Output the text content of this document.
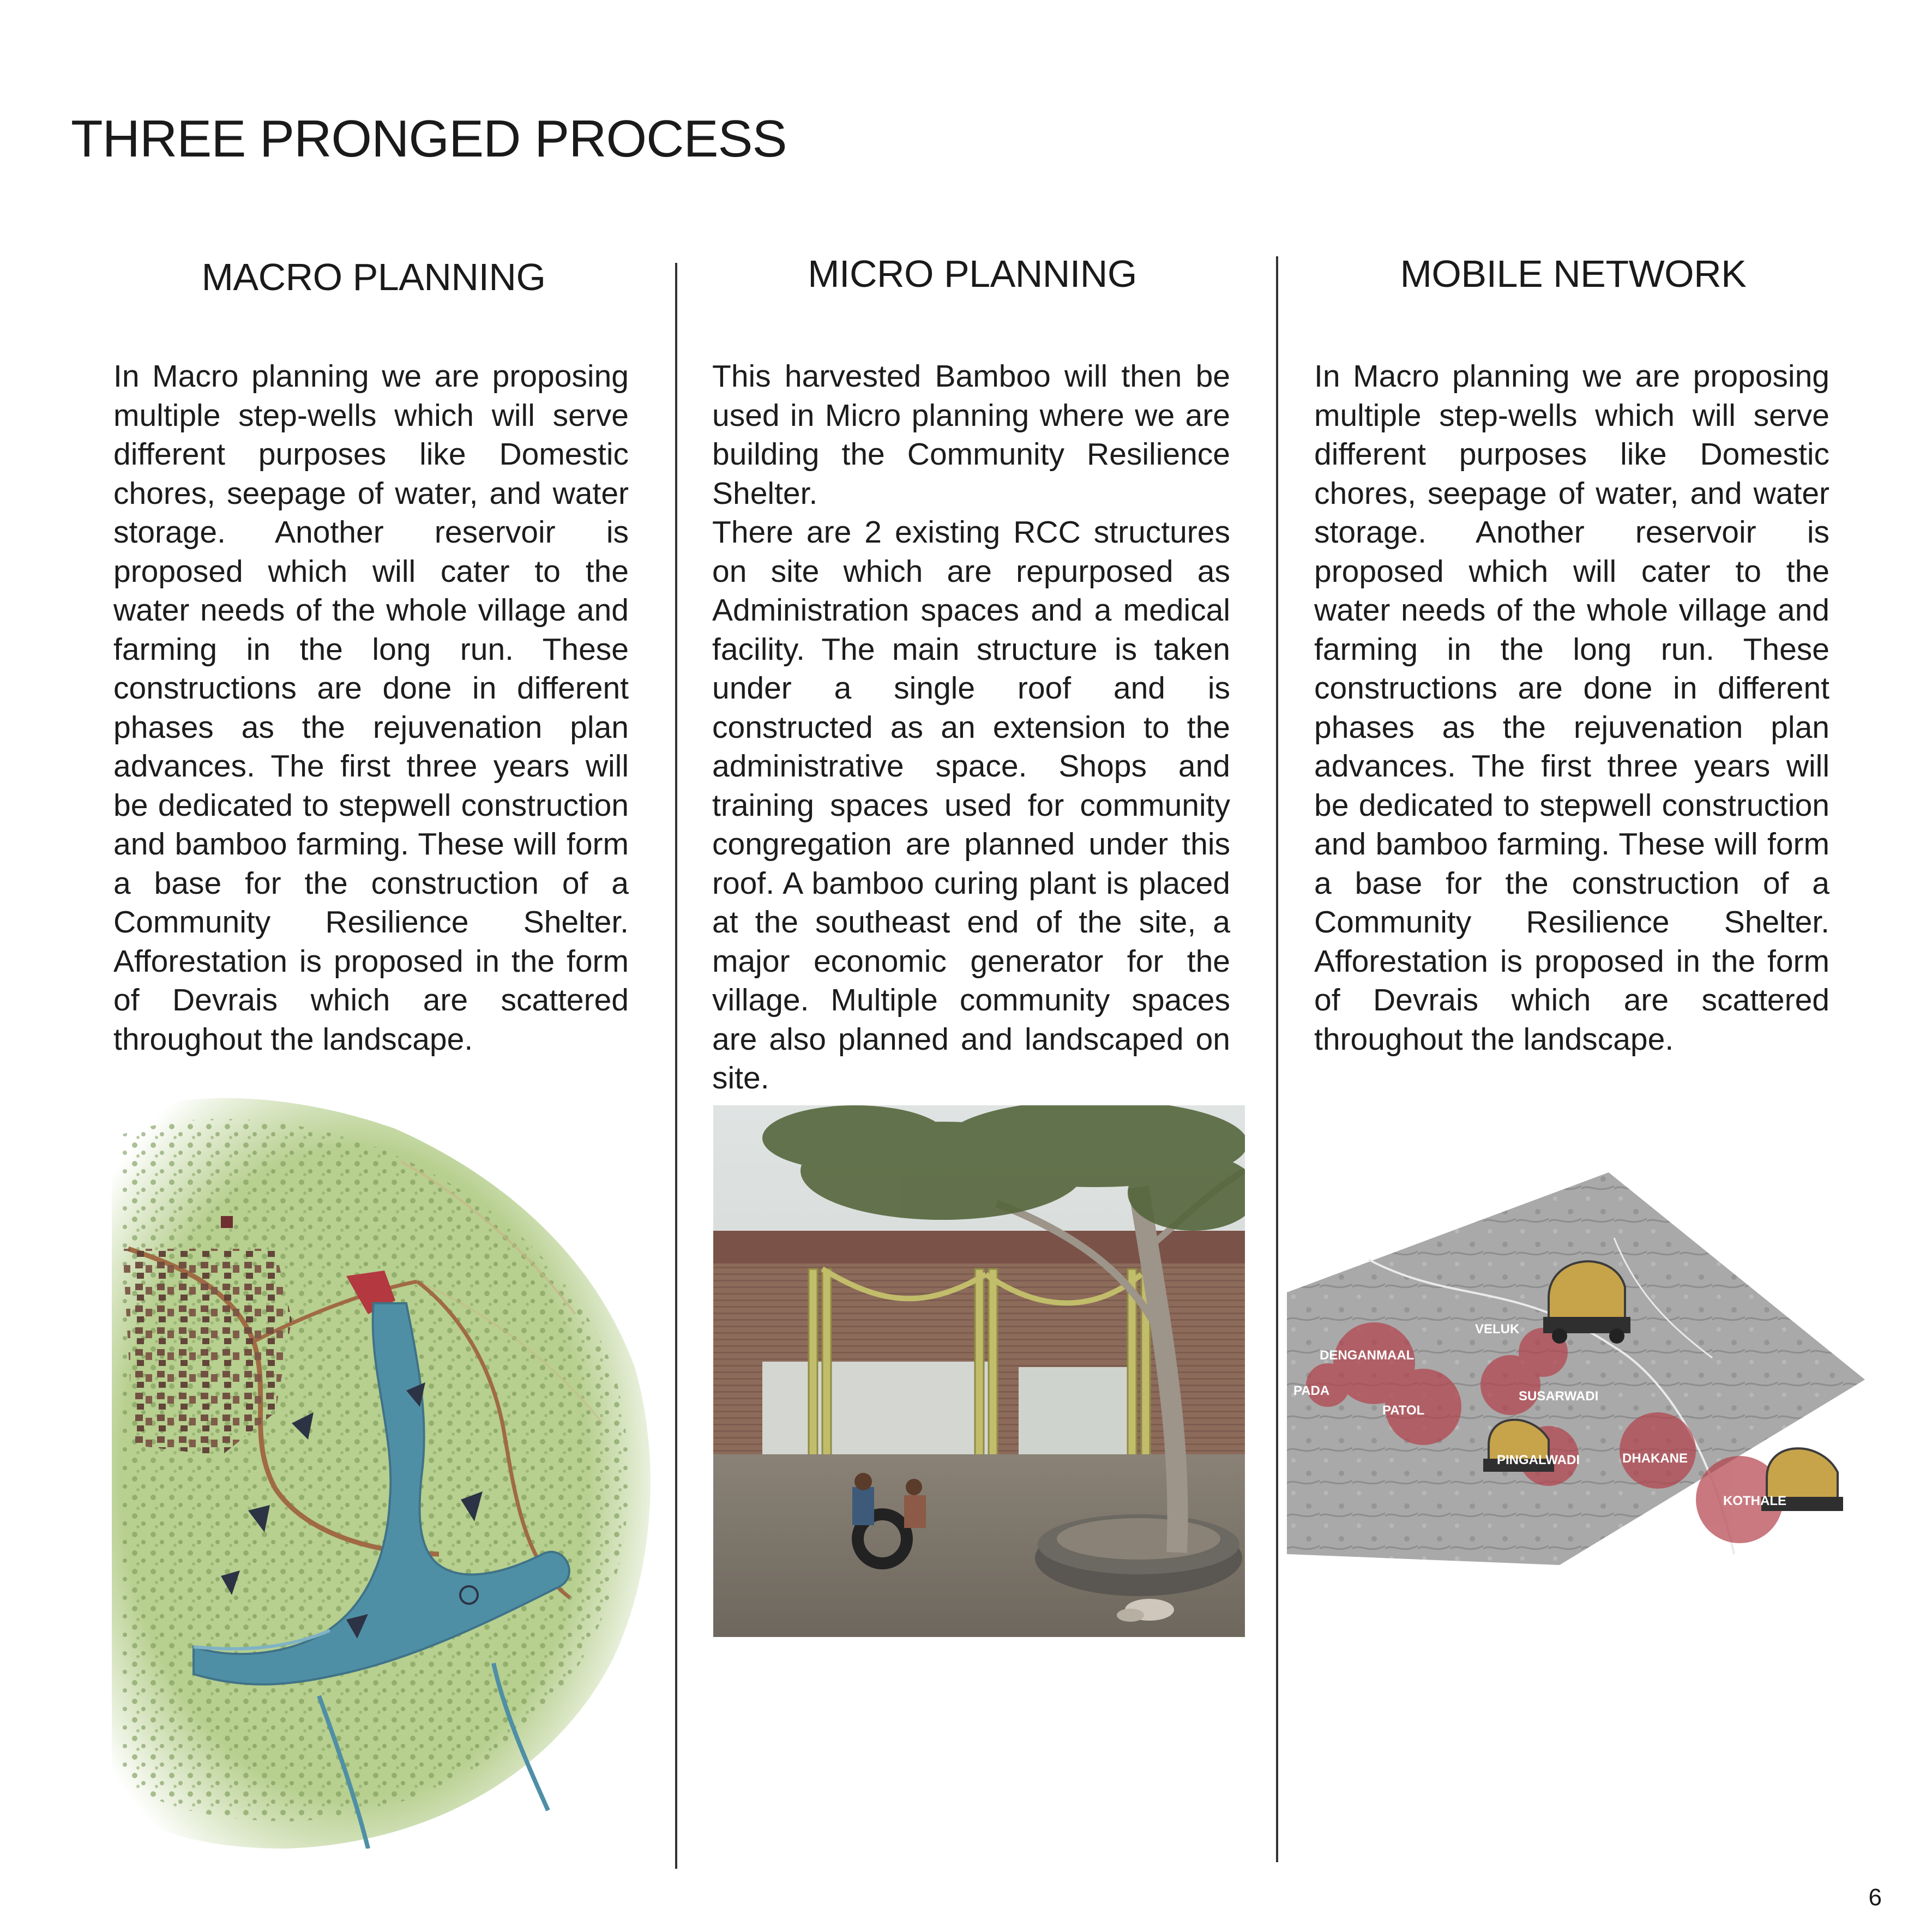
THREE PRONGED PROCESS
MACRO PLANNING

In Macro planning we are proposing multiple step-wells which will serve different purposes like Domestic chores, seepage of water, and water storage. Another reservoir is proposed which will cater to the water needs of the whole village and farming in the long run. These constructions are done in different phases as the rejuvenation plan advances. The first three years will be dedicated to stepwell construction and bamboo farming. These will form a base for the construction of a Community Resilience Shelter. Afforestation is proposed in the form of Devrais which are scattered throughout the landscape.

MICRO PLANNING

This harvested Bamboo will then be used in Micro planning where we are building the Community Resilience Shelter.

There are 2 existing RCC structures on site which are repurposed as Administration spaces and a medical facility. The main structure is taken under a single roof and is constructed as an extension to the administrative space. Shops and training spaces used for community congregation are planned under this roof. A bamboo curing plant is placed at the southeast end of the site, a major economic generator for the village. Multiple community spaces are also planned and landscaped on site.

MOBILE NETWORK

In Macro planning we are proposing multiple step-wells which will serve different purposes like Domestic chores, seepage of water, and water storage. Another reservoir is proposed which will cater to the water needs of the whole village and farming in the long run. These constructions are done in different phases as the rejuvenation plan advances. The first three years will be dedicated to stepwell construction and bamboo farming. These will form a base for the construction of a Community Resilience Shelter. Afforestation is proposed in the form of Devrais which are scattered throughout the landscape.

VELUK
DENGANMAAL
PADA	SUSARWADI
PATOL
PINGALWADI	DHAKANE
KOTHALE
6
